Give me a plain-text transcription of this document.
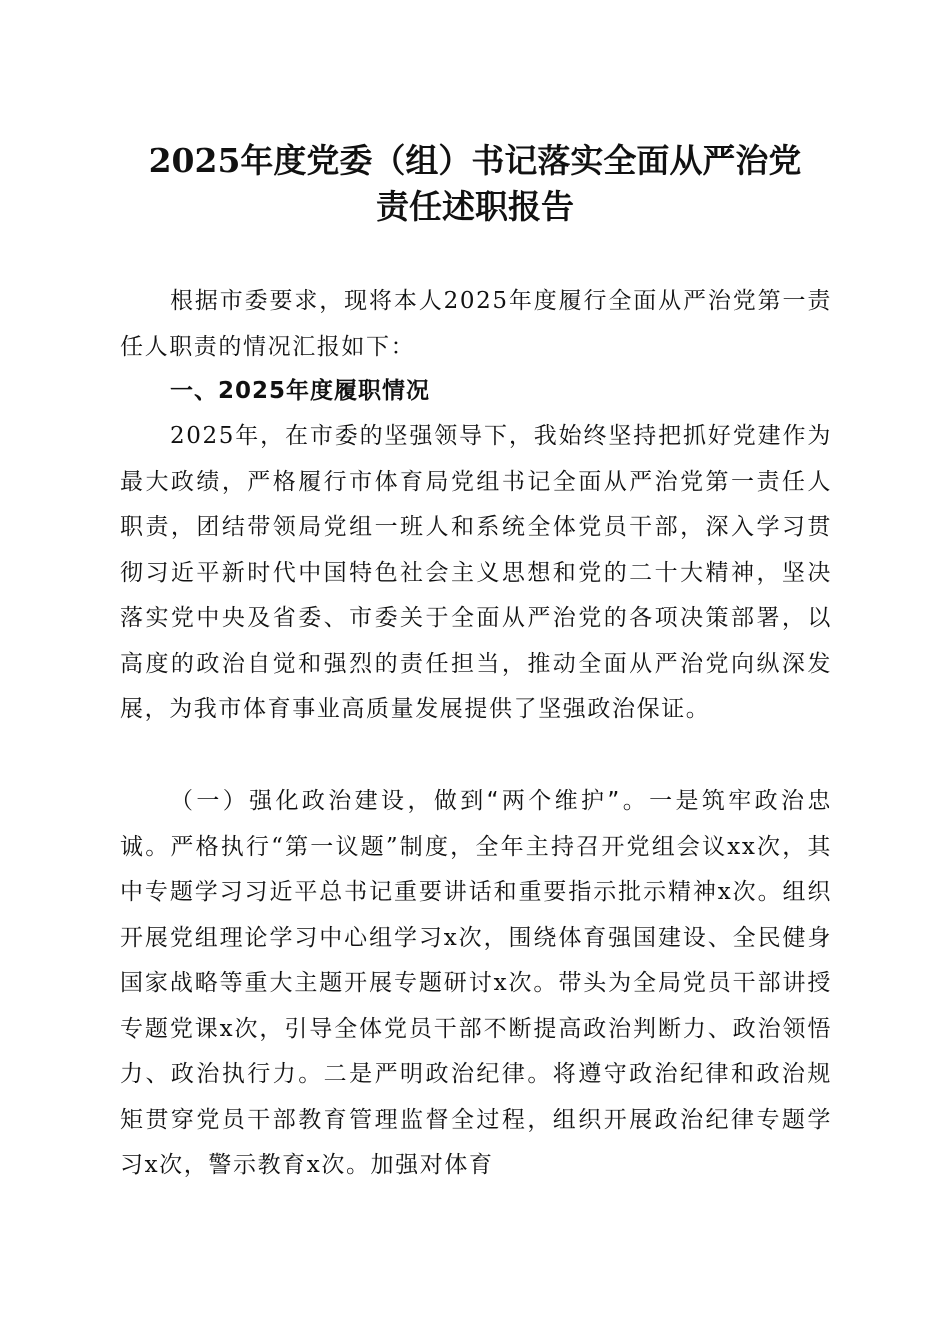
2025年度党委（组）书记落实全面从严治党
责任述职报告

根据市委要求，现将本人2025年度履行全面从严治党第一责任人职责的情况汇报如下：

一、2025年度履职情况

2025年，在市委的坚强领导下，我始终坚持把抓好党建作为最大政绩，严格履行市体育局党组书记全面从严治党第一责任人职责，团结带领局党组一班人和系统全体党员干部，深入学习贯彻习近平新时代中国特色社会主义思想和党的二十大精神，坚决落实党中央及省委、市委关于全面从严治党的各项决策部署，以高度的政治自觉和强烈的责任担当，推动全面从严治党向纵深发展，为我市体育事业高质量发展提供了坚强政治保证。

（一）强化政治建设，做到“两个维护”。一是筑牢政治忠诚。严格执行“第一议题”制度，全年主持召开党组会议xx次，其中专题学习习近平总书记重要讲话和重要指示批示精神x次。组织开展党组理论学习中心组学习x次，围绕体育强国建设、全民健身国家战略等重大主题开展专题研讨x次。带头为全局党员干部讲授专题党课x次，引导全体党员干部不断提高政治判断力、政治领悟力、政治执行力。二是严明政治纪律。将遵守政治纪律和政治规矩贯穿党员干部教育管理监督全过程，组织开展政治纪律专题学习x次，警示教育x次。加强对体育
